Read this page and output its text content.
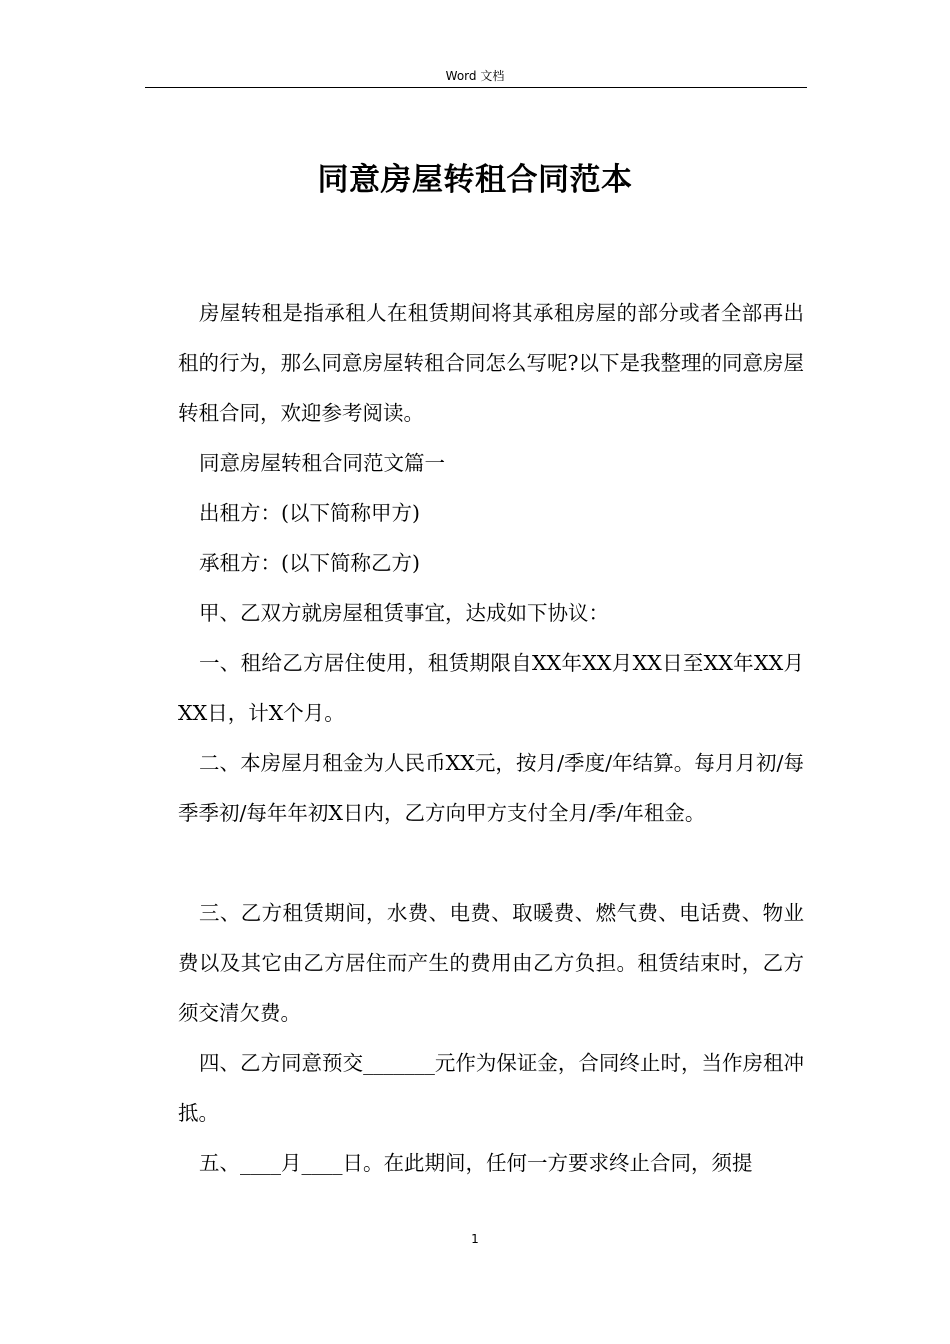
Word 文档
同意房屋转租合同范本

房屋转租是指承租人在租赁期间将其承租房屋的部分或者全部再出租的行为，那么同意房屋转租合同怎么写呢?以下是我整理的同意房屋转租合同，欢迎参考阅读。

同意房屋转租合同范文篇一

出租方：(以下简称甲方)

承租方：(以下简称乙方)

甲、乙双方就房屋租赁事宜，达成如下协议：

一、租给乙方居住使用，租赁期限自XX年XX月XX日至XX年XX月XX日，计X个月。

二、本房屋月租金为人民币XX元，按月/季度/年结算。每月月初/每季季初/每年年初X日内，乙方向甲方支付全月/季/年租金。

三、乙方租赁期间，水费、电费、取暖费、燃气费、电话费、物业费以及其它由乙方居住而产生的费用由乙方负担。租赁结束时，乙方须交清欠费。

四、乙方同意预交_______元作为保证金，合同终止时，当作房租冲抵。

五、____月____日。在此期间，任何一方要求终止合同，须提

1
